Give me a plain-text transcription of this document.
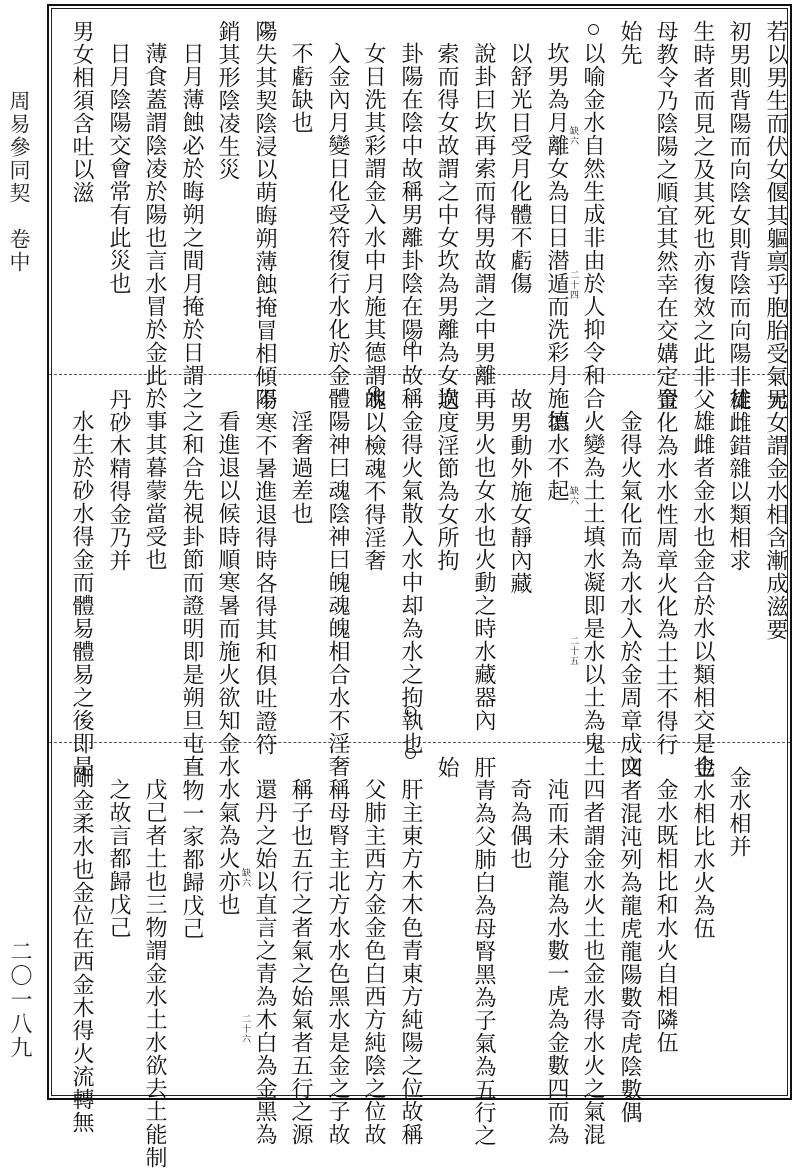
周易參同契　卷中
二〇一八九
若以男生而伏女偃其軀禀乎胞胎受氣元
初男則背陽而向陰女則背陰而向陽非徒
生時者而見之及其死也亦復效之此非父
母教令乃陰陽之順宜其然幸在交媾定置
始先
以喻金水自然生成非由於人抑令和合
坎男為月離女為日日潜遁而洗彩月施德
以舒光日受月化體不虧傷
說卦曰坎再索而得男故謂之中男離再
索而得女故謂之中女坎為男離為女坎
卦陽在陰中故稱男離卦陰在陽中故稱
女日洗其彩謂金入水中月施其德謂水
入金內月變日化受符復行水化於金體
不虧缺也
陽失其契陰浸以萌晦朔薄蝕掩冒相傾陽
銷其形陰凌生災
日月薄蝕必於晦朔之間月掩於日謂之
薄食蓋謂陰凌於陽也言水冒於金此於
日月陰陽交會常有此災也
男女相須含吐以滋
男女謂金水相含漸成滋要
雄雌錯雜以類相求
雄雌者金水也金合於水以類相交是也
金化為水水性周章火化為土土不得行
金得火氣化而為水水入於金周章成文
火變為土土填水凝即是水以土為鬼土
填水不起
故男動外施女靜內藏
男火也女水也火動之時水藏器內
過度淫節為女所拘
金得火氣散入水中却為水之拘執也
魄以檢魂不得淫奢
陽神曰魂陰神曰魄魂魄相合水不淫奢
淫奢過差也
不寒不暑進退得時各得其和俱吐證符
看進退以候時順寒暑而施火欲知金水
之和合先視卦節而證明即是朔旦屯直
事其暮蒙當受也
丹砂木精得金乃并
水生於砂水得金而體易體易之後即是
金水相并
金水相比水火為伍
金水既相比和水火自相隣伍
四者混沌列為龍虎龍陽數奇虎陰數偶
四者謂金水火土也金水得水火之氣混
沌而未分龍為水數一虎為金數四而為
奇為偶也
肝青為父肺白為母腎黑為子氣為五行之
始
肝主東方木木色青東方純陽之位故稱
父肺主西方金金色白西方純陰之位故
稱母腎主北方水水色黑水是金之子故
稱子也五行之者氣之始氣者五行之源
還丹之始以直言之青為木白為金黑為
水氣為火亦也
三物一家都歸戊己
戊己者土也三物謂金水土水欲去土能制
之故言都歸戊己
剛金柔水也金位在西金木得火流轉無
缺六
二十四
缺六
二十五
缺六
二十六
